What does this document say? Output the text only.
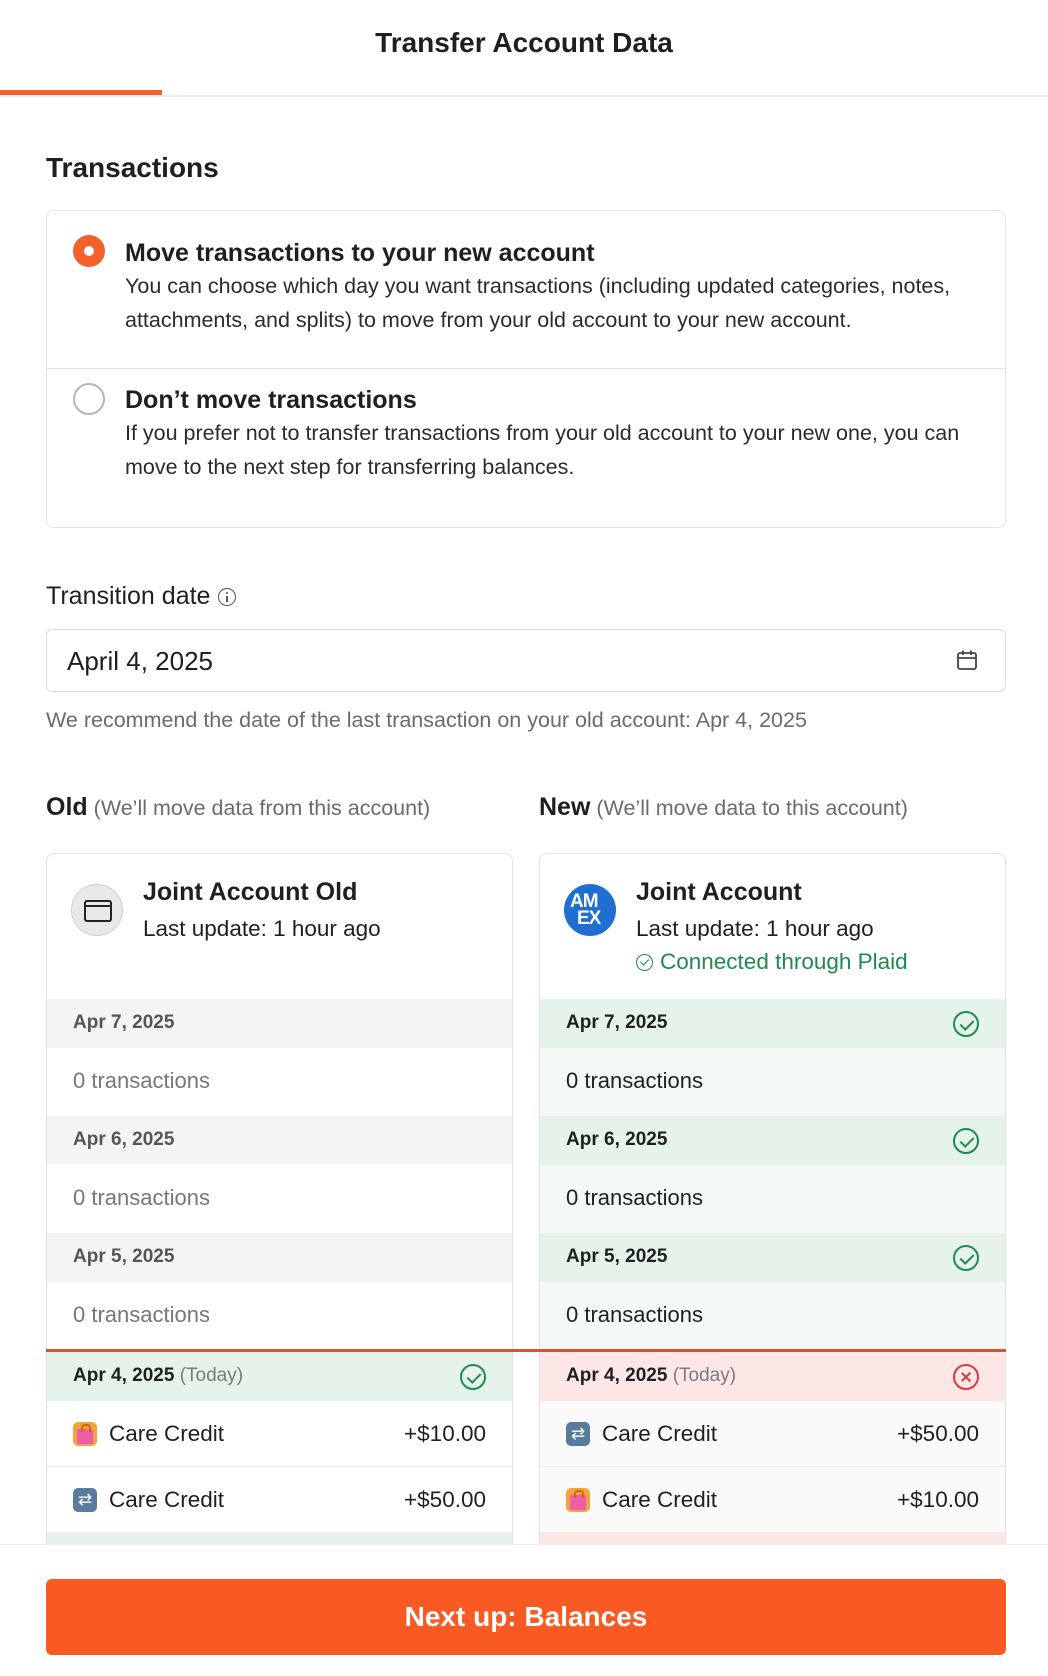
Transfer Account Data
Transactions
Move transactions to your new account
You can choose which day you want transactions (including updated categories, notes, attachments, and splits) to move from your old account to your new account.
Don’t move transactions
If you prefer not to transfer transactions from your old account to your new one, you can move to the next step for transferring balances.
Transition date
April 4, 2025
We recommend the date of the last transaction on your old account: Apr 4, 2025
Old (We’ll move data from this account)	New (We’ll move data to this account)
Joint Account Old
Last update: 1 hour ago
Apr 7, 2025
0 transactions
Apr 6, 2025
0 transactions
Apr 5, 2025
0 transactions
Apr 4, 2025 (Today)
Care Credit	+$10.00
⇄
Care Credit	+$50.00
AM
EX
Joint Account
Last update: 1 hour ago
Connected through Plaid
Apr 7, 2025
0 transactions
Apr 6, 2025
0 transactions
Apr 5, 2025
0 transactions
Apr 4, 2025 (Today)
⇄
Care Credit	+$50.00
Care Credit	+$10.00
Next up: Balances
